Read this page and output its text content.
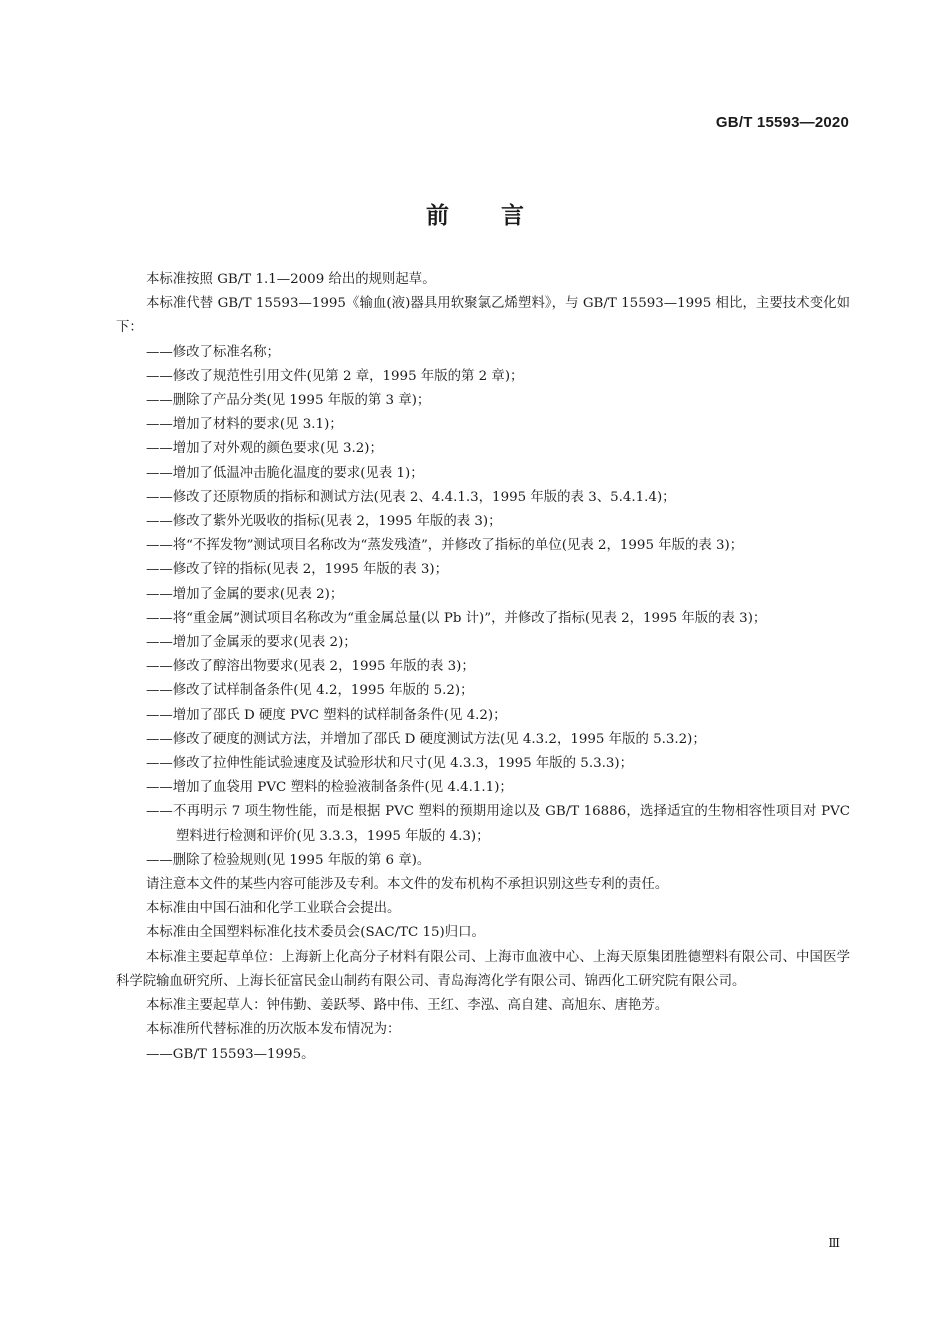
GB/T 15593—2020
前言

本标准按照 GB/T 1.1—2009 给出的规则起草。

本标准代替 GB/T 15593—1995《输血(液)器具用软聚氯乙烯塑料》，与 GB/T 15593—1995 相比，主要技术变化如下：

——修改了标准名称；

——修改了规范性引用文件(见第 2 章，1995 年版的第 2 章)；

——删除了产品分类(见 1995 年版的第 3 章)；

——增加了材料的要求(见 3.1)；

——增加了对外观的颜色要求(见 3.2)；

——增加了低温冲击脆化温度的要求(见表 1)；

——修改了还原物质的指标和测试方法(见表 2、4.4.1.3，1995 年版的表 3、5.4.1.4)；

——修改了紫外光吸收的指标(见表 2，1995 年版的表 3)；

——将“不挥发物”测试项目名称改为“蒸发残渣”，并修改了指标的单位(见表 2，1995 年版的表 3)；

——修改了锌的指标(见表 2，1995 年版的表 3)；

——增加了金属的要求(见表 2)；

——将“重金属”测试项目名称改为“重金属总量(以 Pb 计)”，并修改了指标(见表 2，1995 年版的表 3)；

——增加了金属汞的要求(见表 2)；

——修改了醇溶出物要求(见表 2，1995 年版的表 3)；

——修改了试样制备条件(见 4.2，1995 年版的 5.2)；

——增加了邵氏 D 硬度 PVC 塑料的试样制备条件(见 4.2)；

——修改了硬度的测试方法，并增加了邵氏 D 硬度测试方法(见 4.3.2，1995 年版的 5.3.2)；

——修改了拉伸性能试验速度及试验形状和尺寸(见 4.3.3，1995 年版的 5.3.3)；

——增加了血袋用 PVC 塑料的检验液制备条件(见 4.4.1.1)；

——不再明示 7 项生物性能，而是根据 PVC 塑料的预期用途以及 GB/T 16886，选择适宜的生物相容性项目对 PVC 塑料进行检测和评价(见 3.3.3，1995 年版的 4.3)；

——删除了检验规则(见 1995 年版的第 6 章)。

请注意本文件的某些内容可能涉及专利。本文件的发布机构不承担识别这些专利的责任。

本标准由中国石油和化学工业联合会提出。

本标准由全国塑料标准化技术委员会(SAC/TC 15)归口。

本标准主要起草单位：上海新上化高分子材料有限公司、上海市血液中心、上海天原集团胜德塑料有限公司、中国医学科学院输血研究所、上海长征富民金山制药有限公司、青岛海湾化学有限公司、锦西化工研究院有限公司。

本标准主要起草人：钟伟勤、姜跃琴、路中伟、王红、李泓、高自建、高旭东、唐艳芳。

本标准所代替标准的历次版本发布情况为：

——GB/T 15593—1995。

Ⅲ
